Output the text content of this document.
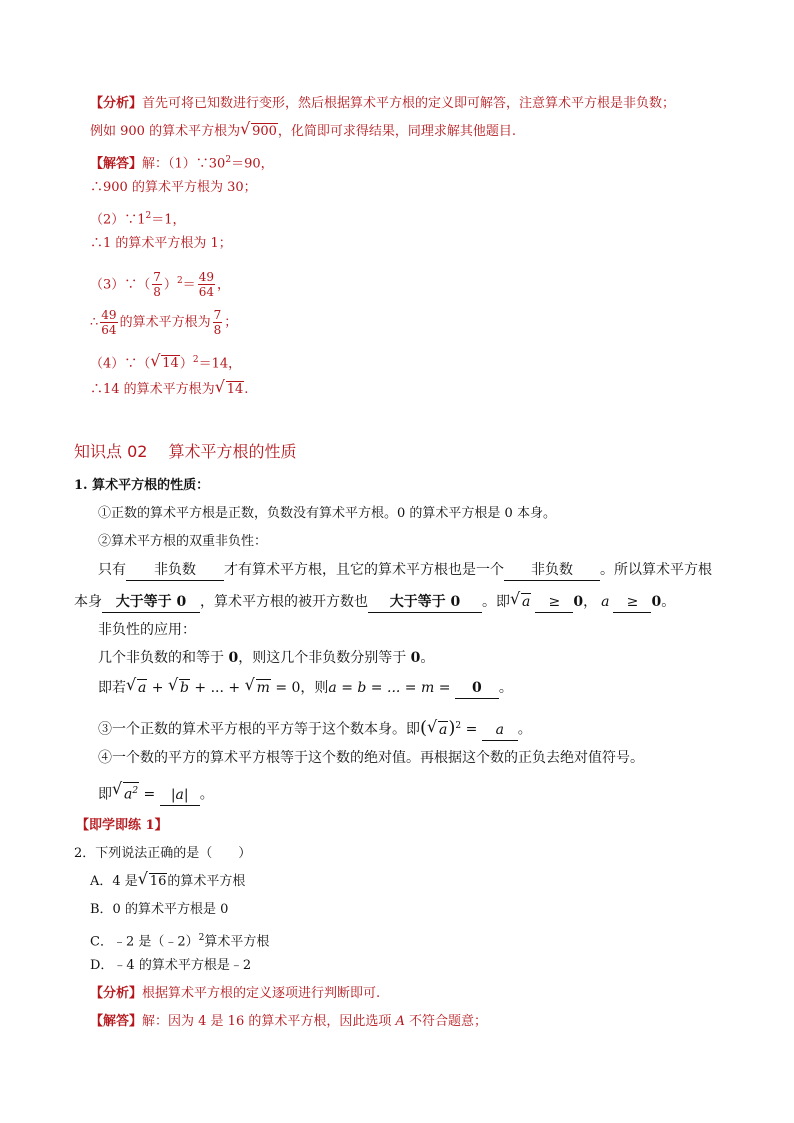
【分析】首先可将已知数进行变形，然后根据算术平方根的定义即可解答，注意算术平方根是非负数；
例如 900 的算术平方根为 √ 900，化简即可求得结果，同理求解其他题目.
【解答】解：$(1)\because 30^2=90$，
∴900 的算术平方根为 30；
$(2)\because 1^2=1$，
∴1 的算术平方根为 1；
（3）∵（ $\frac{7}{8} )^2= \frac{49}{64}$ ，
∴ $\frac{49}{64}$ 的算术平方根为 $\frac{7}{8}$ ；
（4）∵（ √ 14）$^2$＝14，
∴14 的算术平方根为 √ 14.
知识点 02　 算术平方根的性质
1. 算术平方根的性质：
①正数的算术平方根是正数，负数没有算术平方根。0 的算术平方根是 0 本身。
②算术平方根的双重非负性：
只有 非负数 才有算术平方根，且它的算术平方根也是一个 非负数 。所以算术平方根
本身 大于等于 0 ，算术平方根的被开方数也 大于等于 0 。即 √ a ≥ 0， a ≥ 0。
非负性的应用：
几个非负数的和等于 0，则这几个非负数分别等于 0。
即若 √ a + √ b + ... + √ m = 0，则a = b = ... = m = 0 。
③一个正数的算术平方根的平方等于这个数本身。即( √ a)$^2$ = a 。
④一个数的平方的算术平方根等于这个数的绝对值。再根据这个数的正负去绝对值符号。
即 √ $a^2 = |a|$ 。
【即学即练 1】
2．下列说法正确的是（　　）
A．4 是 √ 16的算术平方根
B．0 的算术平方根是 0
C．﹣2 是（﹣2）$^2$算术平方根
D．﹣4 的算术平方根是﹣2
【分析】根据算术平方根的定义逐项进行判断即可.
【解答】解：因为 4 是 16 的算术平方根，因此选项 A 不符合题意；
